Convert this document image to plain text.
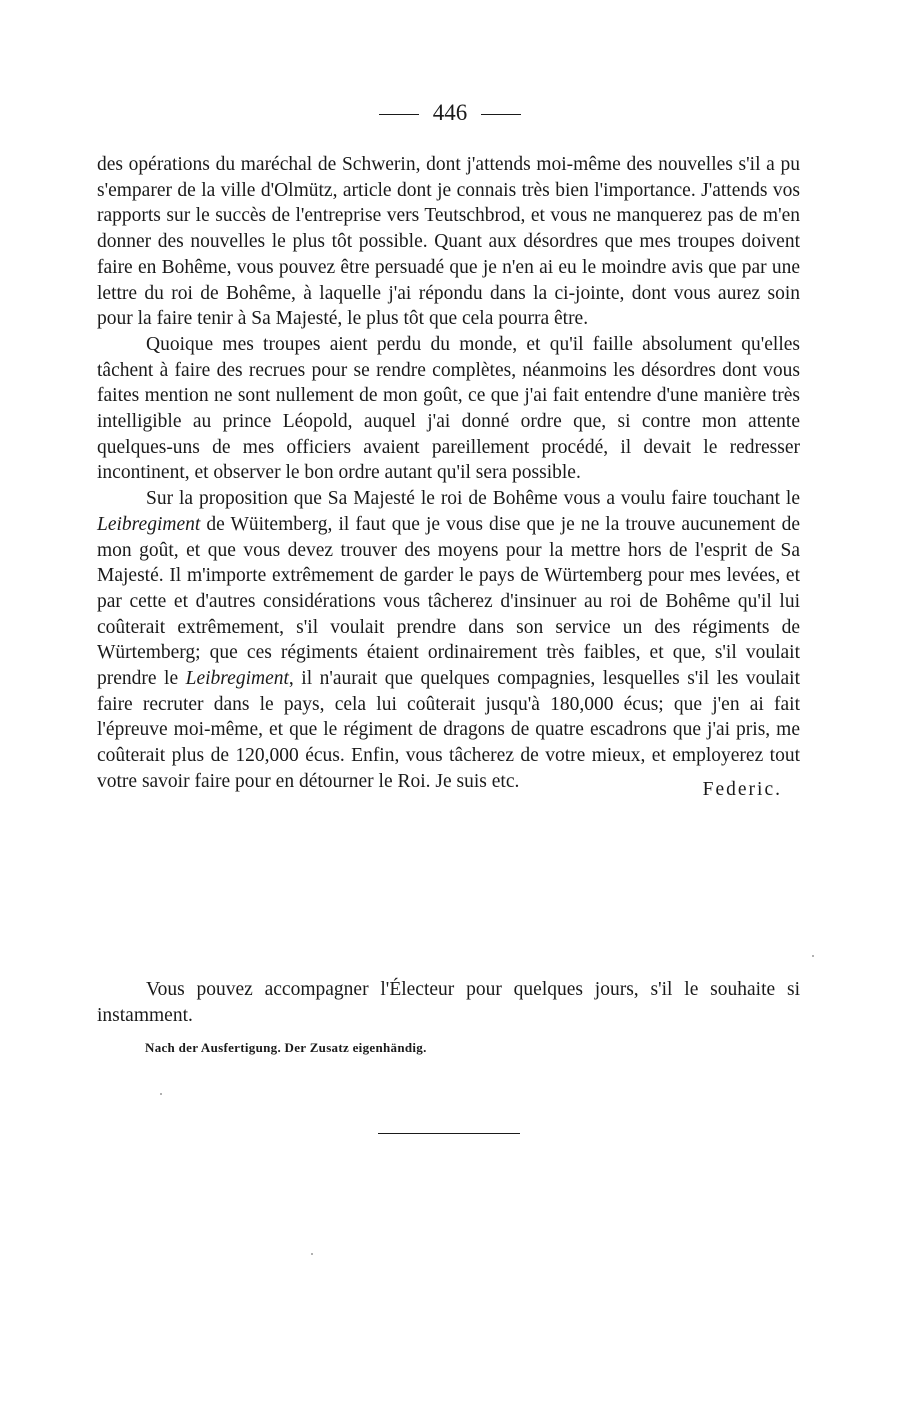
446

des opérations du maréchal de Schwerin, dont j'attends moi-même des nouvelles s'il a pu s'emparer de la ville d'Olmütz, article dont je connais très bien l'importance. J'attends vos rapports sur le succès de l'entreprise vers Teutschbrod, et vous ne manquerez pas de m'en donner des nouvelles le plus tôt possible. Quant aux désordres que mes troupes doivent faire en Bohême, vous pouvez être persuadé que je n'en ai eu le moindre avis que par une lettre du roi de Bohême, à laquelle j'ai répondu dans la ci-jointe, dont vous aurez soin pour la faire tenir à Sa Majesté, le plus tôt que cela pourra être.

Quoique mes troupes aient perdu du monde, et qu'il faille absolument qu'elles tâchent à faire des recrues pour se rendre complètes, néanmoins les désordres dont vous faites mention ne sont nullement de mon goût, ce que j'ai fait entendre d'une manière très intelligible au prince Léopold, auquel j'ai donné ordre que, si contre mon attente quelques-uns de mes officiers avaient pareillement procédé, il devait le redresser incontinent, et observer le bon ordre autant qu'il sera possible.

Sur la proposition que Sa Majesté le roi de Bohême vous a voulu faire touchant le Leibregiment de Wüitemberg, il faut que je vous dise que je ne la trouve aucunement de mon goût, et que vous devez trouver des moyens pour la mettre hors de l'esprit de Sa Majesté. Il m'importe extrêmement de garder le pays de Würtemberg pour mes levées, et par cette et d'autres considérations vous tâcherez d'insinuer au roi de Bohême qu'il lui coûterait extrêmement, s'il voulait prendre dans son service un des régiments de Würtemberg; que ces régiments étaient ordinairement très faibles, et que, s'il voulait prendre le Leibregiment, il n'aurait que quelques compagnies, lesquelles s'il les voulait faire recruter dans le pays, cela lui coûterait jusqu'à 180,000 écus; que j'en ai fait l'épreuve moi-même, et que le régiment de dragons de quatre escadrons que j'ai pris, me coûterait plus de 120,000 écus. Enfin, vous tâcherez de votre mieux, et employerez tout votre savoir faire pour en détourner le Roi. Je suis etc.	Federic.

Vous pouvez accompagner l'Électeur pour quelques jours, s'il le souhaite si instamment.

Nach der Ausfertigung. Der Zusatz eigenhändig.
